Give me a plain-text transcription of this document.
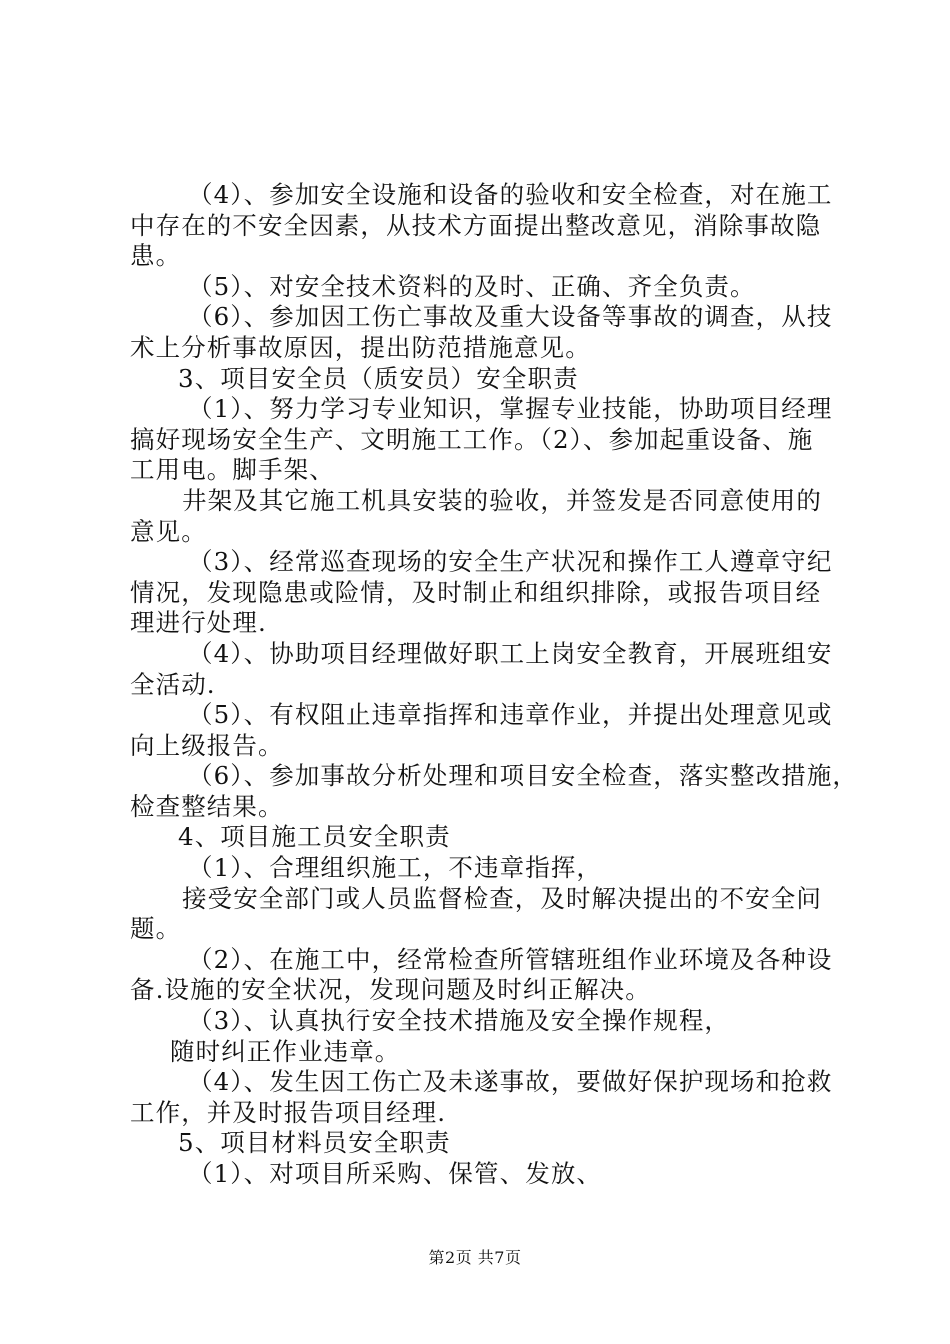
（4）、参加安全设施和设备的验收和安全检查，对在施工
中存在的不安全因素，从技术方面提出整改意见，消除事故隐
患。
（5）、对安全技术资料的及时、正确、齐全负责。
（6）、参加因工伤亡事故及重大设备等事故的调查，从技
术上分析事故原因，提出防范措施意见。
3、项目安全员（质安员）安全职责
（1）、努力学习专业知识，掌握专业技能，协助项目经理
搞好现场安全生产、文明施工工作。（2）、参加起重设备、施
工用电。脚手架、
井架及其它施工机具安装的验收，并签发是否同意使用的
意见。
（3）、经常巡查现场的安全生产状况和操作工人遵章守纪
情况，发现隐患或险情，及时制止和组织排除，或报告项目经
理进行处理.
（4）、协助项目经理做好职工上岗安全教育，开展班组安
全活动.
（5）、有权阻止违章指挥和违章作业，并提出处理意见或
向上级报告。
（6）、参加事故分析处理和项目安全检查，落实整改措施，
检查整结果。
4、项目施工员安全职责
（1）、合理组织施工，不违章指挥，
接受安全部门或人员监督检查，及时解决提出的不安全问
题。
（2）、在施工中，经常检查所管辖班组作业环境及各种设
备.设施的安全状况，发现问题及时纠正解决。
（3）、认真执行安全技术措施及安全操作规程，
随时纠正作业违章。
（4）、发生因工伤亡及未遂事故，要做好保护现场和抢救
工作，并及时报告项目经理.
5、项目材料员安全职责
（1）、对项目所采购、保管、发放、
第2页 共7页
